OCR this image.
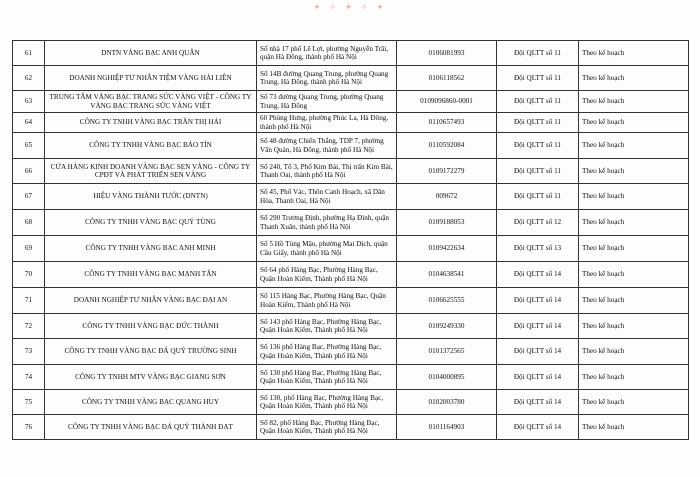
✦ ✧ ✦ ✧ ✦
61	DNTN VÀNG BẠC ANH QUÂN	Số nhà 17 phố Lê Lợi, phường Nguyễn Trãi, quận Hà Đông, thành phố Hà Nội	0106081993	Đội QLTT số 11	Theo kế hoạch
62	DOANH NGHIỆP TƯ NHÂN TIỆM VÀNG HẢI LIÊN	Số 14B đường Quang Trung, phường Quang Trung, Hà Đông, thành phố Hà Nội	0106118562	Đội QLTT số 11	Theo kế hoạch
63	TRUNG TÂM VÀNG BẠC TRANG SỨC VÀNG VIỆT - CÔNG TY VÀNG BẠC TRANG SỨC VÀNG VIỆT	Số 73 đường Quang Trung, phường Quang Trung, Hà Đông	0109096860-0001	Đội QLTT số 11	Theo kế hoạch
64	CÔNG TY TNHH VÀNG BẠC TRẦN THỊ HẢI	60 Phùng Hưng, phường Phúc La, Hà Đông, thành phố Hà Nội	0110657493	Đội QLTT số 11	Theo kế hoạch
65	CÔNG TY TNHH VÀNG BẠC BẢO TÍN	Số 48 đường Chiến Thắng, TDP 7, phường Văn Quán, Hà Đông, thành phố Hà Nội	0110592084	Đội QLTT số 11	Theo kế hoạch
66	CỬA HÀNG KINH DOANH VÀNG BẠC SEN VÀNG - CÔNG TY CPĐT VÀ PHÁT TRIỂN SEN VÀNG	Số 240, Tổ 3, Phố Kim Bài, Thị trấn Kim Bài, Thanh Oai, thành phố Hà Nội	0109172279	Đội QLTT số 11	Theo kế hoạch
67	HIỆU VÀNG THÀNH TƯỚC (DNTN)	Số 45, Phố Vác, Thôn Canh Hoạch, xã Dân Hòa, Thanh Oai, Hà Nội	009672	Đội QLTT số 11	Theo kế hoạch
68	CÔNG TY TNHH VÀNG BẠC QUÝ TÙNG	Số 290 Trương Định, phường Hạ Đình, quận Thanh Xuân, thành phố Hà Nội	0109188053	Đội QLTT số 12	Theo kế hoạch
69	CÔNG TY TNHH VÀNG BẠC ANH MINH	Số 5 Hồ Tùng Mậu, phường Mai Dịch, quận Cầu Giấy, thành phố Hà Nội	0109422634	Đội QLTT số 13	Theo kế hoạch
70	CÔNG TY TNHH VÀNG BẠC MẠNH TÂN	Số 64 phố Hàng Bạc, Phường Hàng Bạc, Quận Hoàn Kiếm, Thành phố Hà Nội	0104638541	Đội QLTT số 14	Theo kế hoạch
71	DOANH NGHIỆP TƯ NHÂN VÀNG BẠC ĐẠI AN	Số 115 Hàng Bạc, Phường Hàng Bạc, Quận Hoàn Kiếm, Thành phố Hà Nội	0106625555	Đội QLTT số 14	Theo kế hoạch
72	CÔNG TY TNHH VÀNG BẠC ĐỨC THÀNH	Số 143 phố Hàng Bạc, Phường Hàng Bạc, Quận Hoàn Kiếm, Thành phố Hà Nội	0109249330	Đội QLTT số 14	Theo kế hoạch
73	CÔNG TY TNHH VÀNG BẠC ĐÁ QUÝ TRƯỜNG SINH	Số 136 phố Hàng Bạc, Phường Hàng Bạc, Quận Hoàn Kiếm, Thành phố Hà Nội	0101372565	Đội QLTT số 14	Theo kế hoạch
74	CÔNG TY TNHH MTV VÀNG BẠC GIANG SƠN	Số 130 phố Hàng Bạc, Phường Hàng Bạc, Quận Hoàn Kiếm, Thành phố Hà Nội	0104000895	Đội QLTT số 14	Theo kế hoạch
75	CÔNG TY TNHH VÀNG BẠC QUANG HUY	Số 130, phố Hàng Bạc, Phường Hàng Bạc, Quận Hoàn Kiếm, Thành phố Hà Nội	0102003780	Đội QLTT số 14	Theo kế hoạch
76	CÔNG TY TNHH VÀNG BẠC ĐÁ QUÝ THÀNH ĐẠT	Số 82, phố Hàng Bạc, Phường Hàng Bạc, Quận Hoàn Kiếm, Thành phố Hà Nội	0101164903	Đội QLTT số 14	Theo kế hoạch
